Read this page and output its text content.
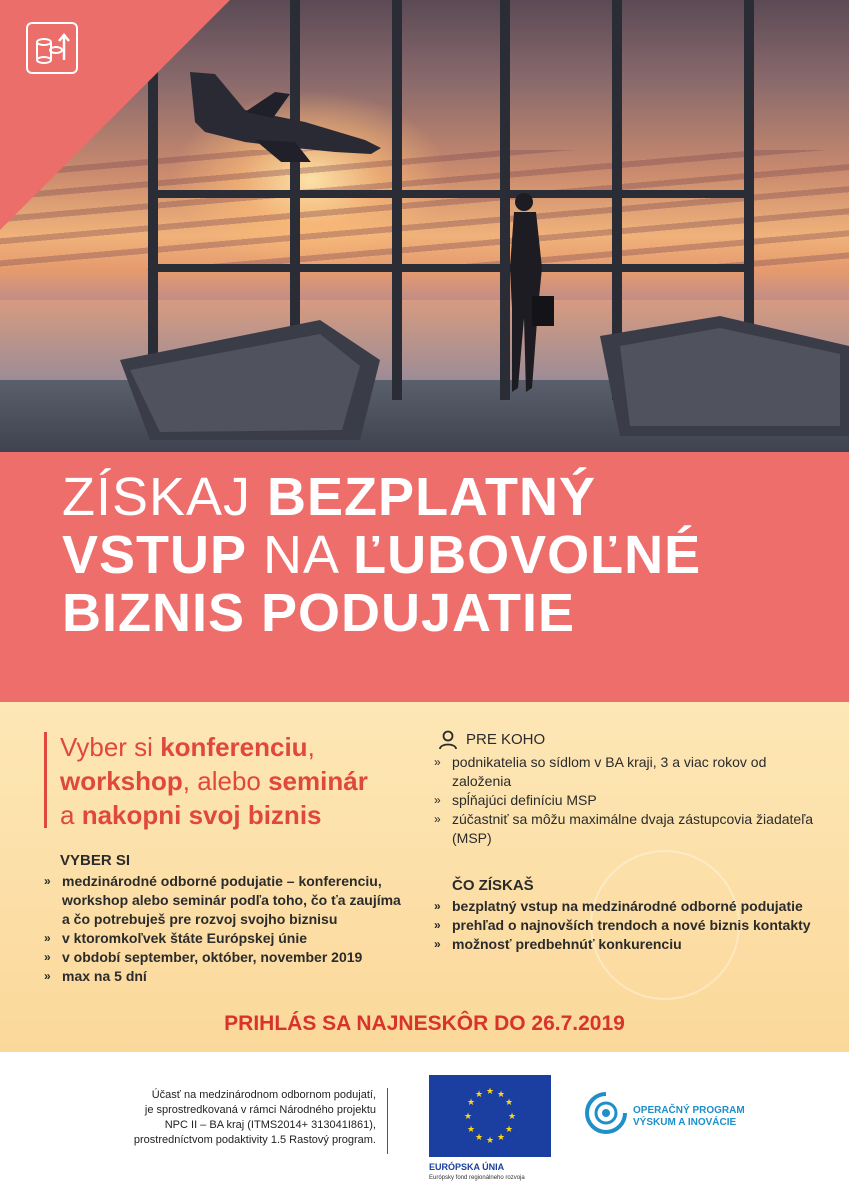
ZÍSKAJ BEZPLATNÝ
VSTUP NA ĽUBOVOĽNÉ
BIZNIS PODUJATIE
Vyber si konferenciu,
workshop, alebo seminár
a nakopni svoj biznis
VYBER SI
» medzinárodné odborné podujatie – konferenciu, workshop alebo seminár podľa toho, čo ťa zaujíma a čo potrebuješ pre rozvoj svojho biznisu
» v ktoromkoľvek štáte Európskej únie
» v období september, október, november 2019
» max na 5 dní
PRE KOHO
» podnikatelia so sídlom v BA kraji, 3 a viac rokov od založenia
» spĺňajúci definíciu MSP
» zúčastniť sa môžu maximálne dvaja zástupcovia žiadateľa (MSP)
ČO ZÍSKAŠ
» bezplatný vstup na medzinárodné odborné podujatie
» prehľad o najnovších trendoch a nové biznis kontakty
» možnosť predbehnúť konkurenciu
PRIHLÁS SA NAJNESKÔR DO 26.7.2019
Účasť na medzinárodnom odbornom podujatí,
je sprostredkovaná v rámci Národného projektu
NPC II – BA kraj (ITMS2014+ 313041I861),
prostredníctvom podaktivity 1.5 Rastový program.
★ ★
★
★
★
★
★
★
★
★
★
★
EURÓPSKA ÚNIA
Európsky fond regionálneho rozvoja
OPERAČNÝ PROGRAM
VÝSKUM A INOVÁCIE
